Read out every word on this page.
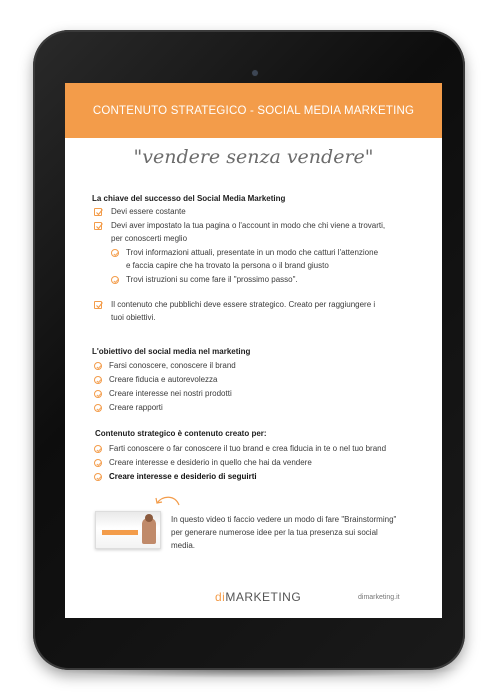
CONTENUTO STRATEGICO - SOCIAL MEDIA MARKETING
"vendere senza vendere"
La chiave del successo del Social Media Marketing
Devi essere costante
Devi aver impostato la tua pagina o l'account in modo che chi viene a trovarti,
per conoscerti meglio
Trovi informazioni attuali, presentate in un modo che catturi l'attenzione
e faccia capire che ha trovato la persona o il brand giusto
Trovi istruzioni su come fare il "prossimo passo".
Il contenuto che pubblichi deve essere strategico. Creato per raggiungere i
tuoi obiettivi.
L'obiettivo del social media nel marketing
Farsi conoscere, conoscere il brand
Creare fiducia e autorevolezza
Creare interesse nei nostri prodotti
Creare rapporti
Contenuto strategico è contenuto creato per:
Farti conoscere o far conoscere il tuo brand e crea fiducia in te o nel tuo brand
Creare interesse e desiderio in quello che hai da vendere
Creare interesse e desiderio di seguirti
In questo video ti faccio vedere un modo di fare "Brainstorming"
per generare numerose idee per la tua presenza sui social
media.
diMARKETING	dimarketing.it
